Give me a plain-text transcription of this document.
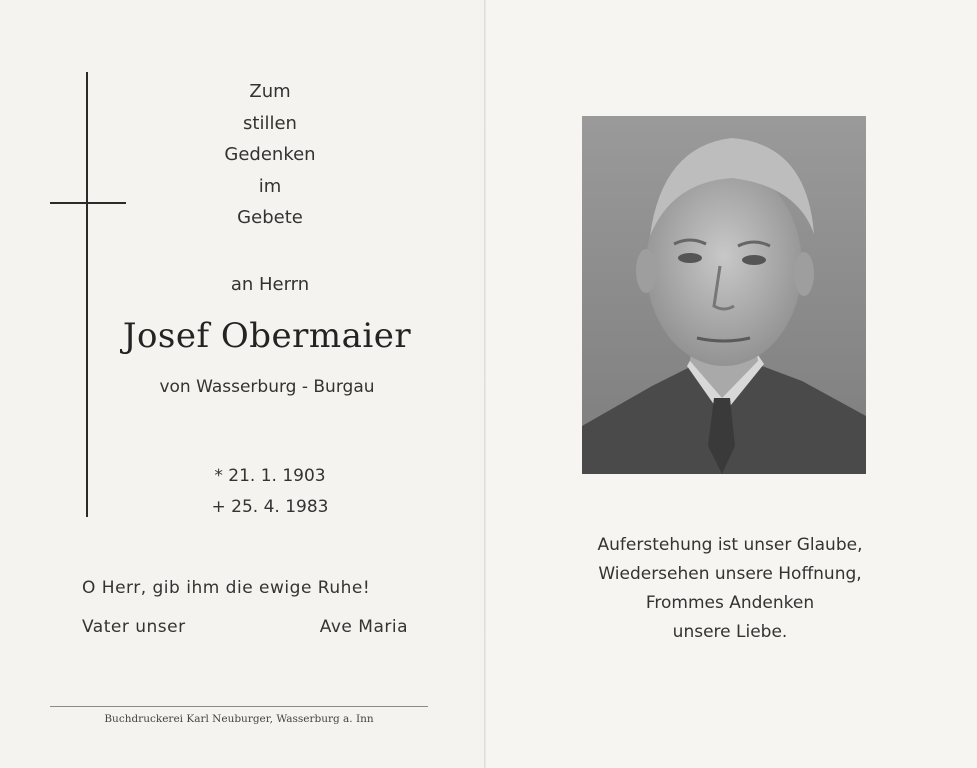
Zum
stillen
Gedenken
im
Gebete
an Herrn
Josef Obermaier
von Wasserburg - Burgau
* 21. 1. 1903
+ 25. 4. 1983
O Herr, gib ihm die ewige Ruhe!
Vater unser	Ave Maria
Buchdruckerei Karl Neuburger, Wasserburg a. Inn
Auferstehung ist unser Glaube,
Wiedersehen unsere Hoffnung,
Frommes Andenken
unsere Liebe.
